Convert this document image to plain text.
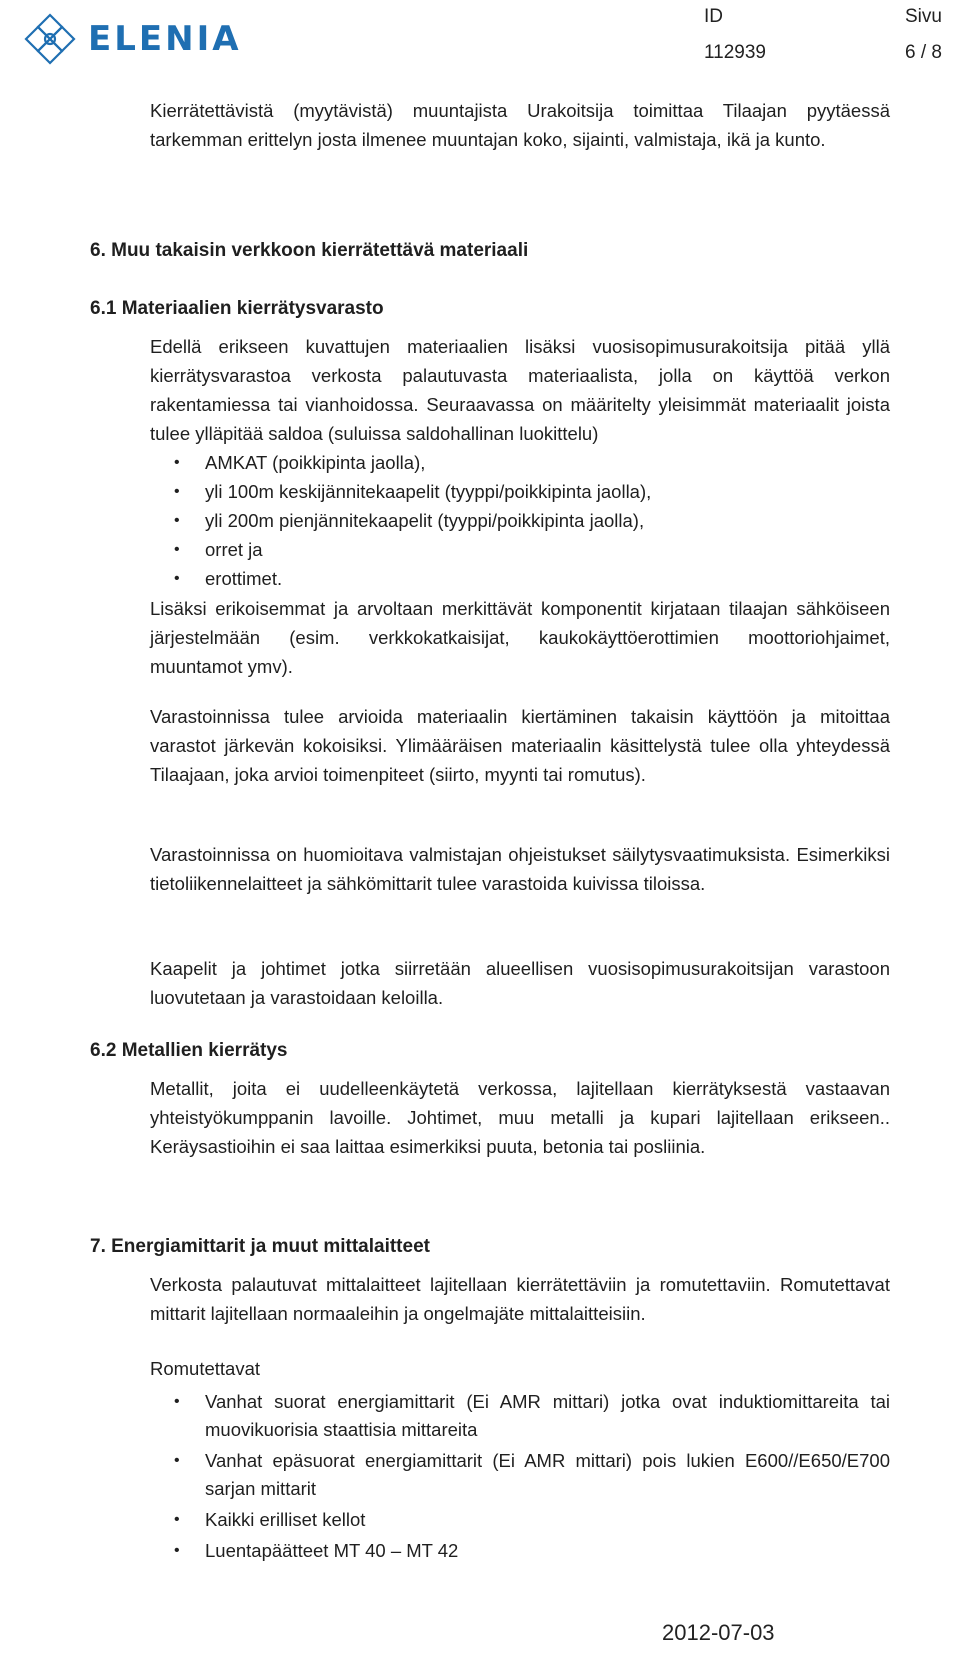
ELENIA
ID
112939
Sivu
6 / 8

Kierrätettävistä (myytävistä) muuntajista Urakoitsija toimittaa Tilaajan pyytäessä tarkemman erittelyn josta ilmenee muuntajan koko, sijainti, valmistaja, ikä ja kunto.

6. Muu takaisin verkkoon kierrätettävä materiaali
6.1 Materiaalien kierrätysvarasto

Edellä erikseen kuvattujen materiaalien lisäksi vuosisopimusurakoitsija pitää yllä kierrätysvarastoa verkosta palautuvasta materiaalista, jolla on käyttöä verkon rakentamiessa tai vianhoidossa. Seuraavassa on määritelty yleisimmät materiaalit joista tulee ylläpitää saldoa (suluissa saldohallinan luokittelu)

• AMKAT (poikkipinta jaolla),
• yli 100m keskijännitekaapelit (tyyppi/poikkipinta jaolla),
• yli 200m pienjännitekaapelit (tyyppi/poikkipinta jaolla),
• orret ja
• erottimet.

Lisäksi erikoisemmat ja arvoltaan merkittävät komponentit kirjataan tilaajan sähköiseen järjestelmään (esim. verkkokatkaisijat, kaukokäyttöerottimien moottoriohjaimet, muuntamot ymv).

Varastoinnissa tulee arvioida materiaalin kiertäminen takaisin käyttöön ja mitoittaa varastot järkevän kokoisiksi. Ylimääräisen materiaalin käsittelystä tulee olla yhteydessä Tilaajaan, joka arvioi toimenpiteet (siirto, myynti tai romutus).

Varastoinnissa on huomioitava valmistajan ohjeistukset säilytysvaatimuksista. Esimerkiksi tietoliikennelaitteet ja sähkömittarit tulee varastoida kuivissa tiloissa.

Kaapelit ja johtimet jotka siirretään alueellisen vuosisopimusurakoitsijan varastoon luovutetaan ja varastoidaan keloilla.

6.2 Metallien kierrätys

Metallit, joita ei uudelleenkäytetä verkossa, lajitellaan kierrätyksestä vastaavan yhteistyökumppanin lavoille. Johtimet, muu metalli ja kupari lajitellaan erikseen.. Keräysastioihin ei saa laittaa esimerkiksi puuta, betonia tai posliinia.

7. Energiamittarit ja muut mittalaitteet

Verkosta palautuvat mittalaitteet lajitellaan kierrätettäviin ja romutettaviin. Romutettavat mittarit lajitellaan normaaleihin ja ongelmajäte mittalaitteisiin.

Romutettavat
• Vanhat suorat energiamittarit (Ei AMR mittari) jotka ovat induktiomittareita tai muovikuorisia staattisia mittareita
• Vanhat epäsuorat energiamittarit (Ei AMR mittari) pois lukien E600//E650/E700 sarjan mittarit
• Kaikki erilliset kellot
• Luentapäätteet MT 40 – MT 42
2012-07-03
